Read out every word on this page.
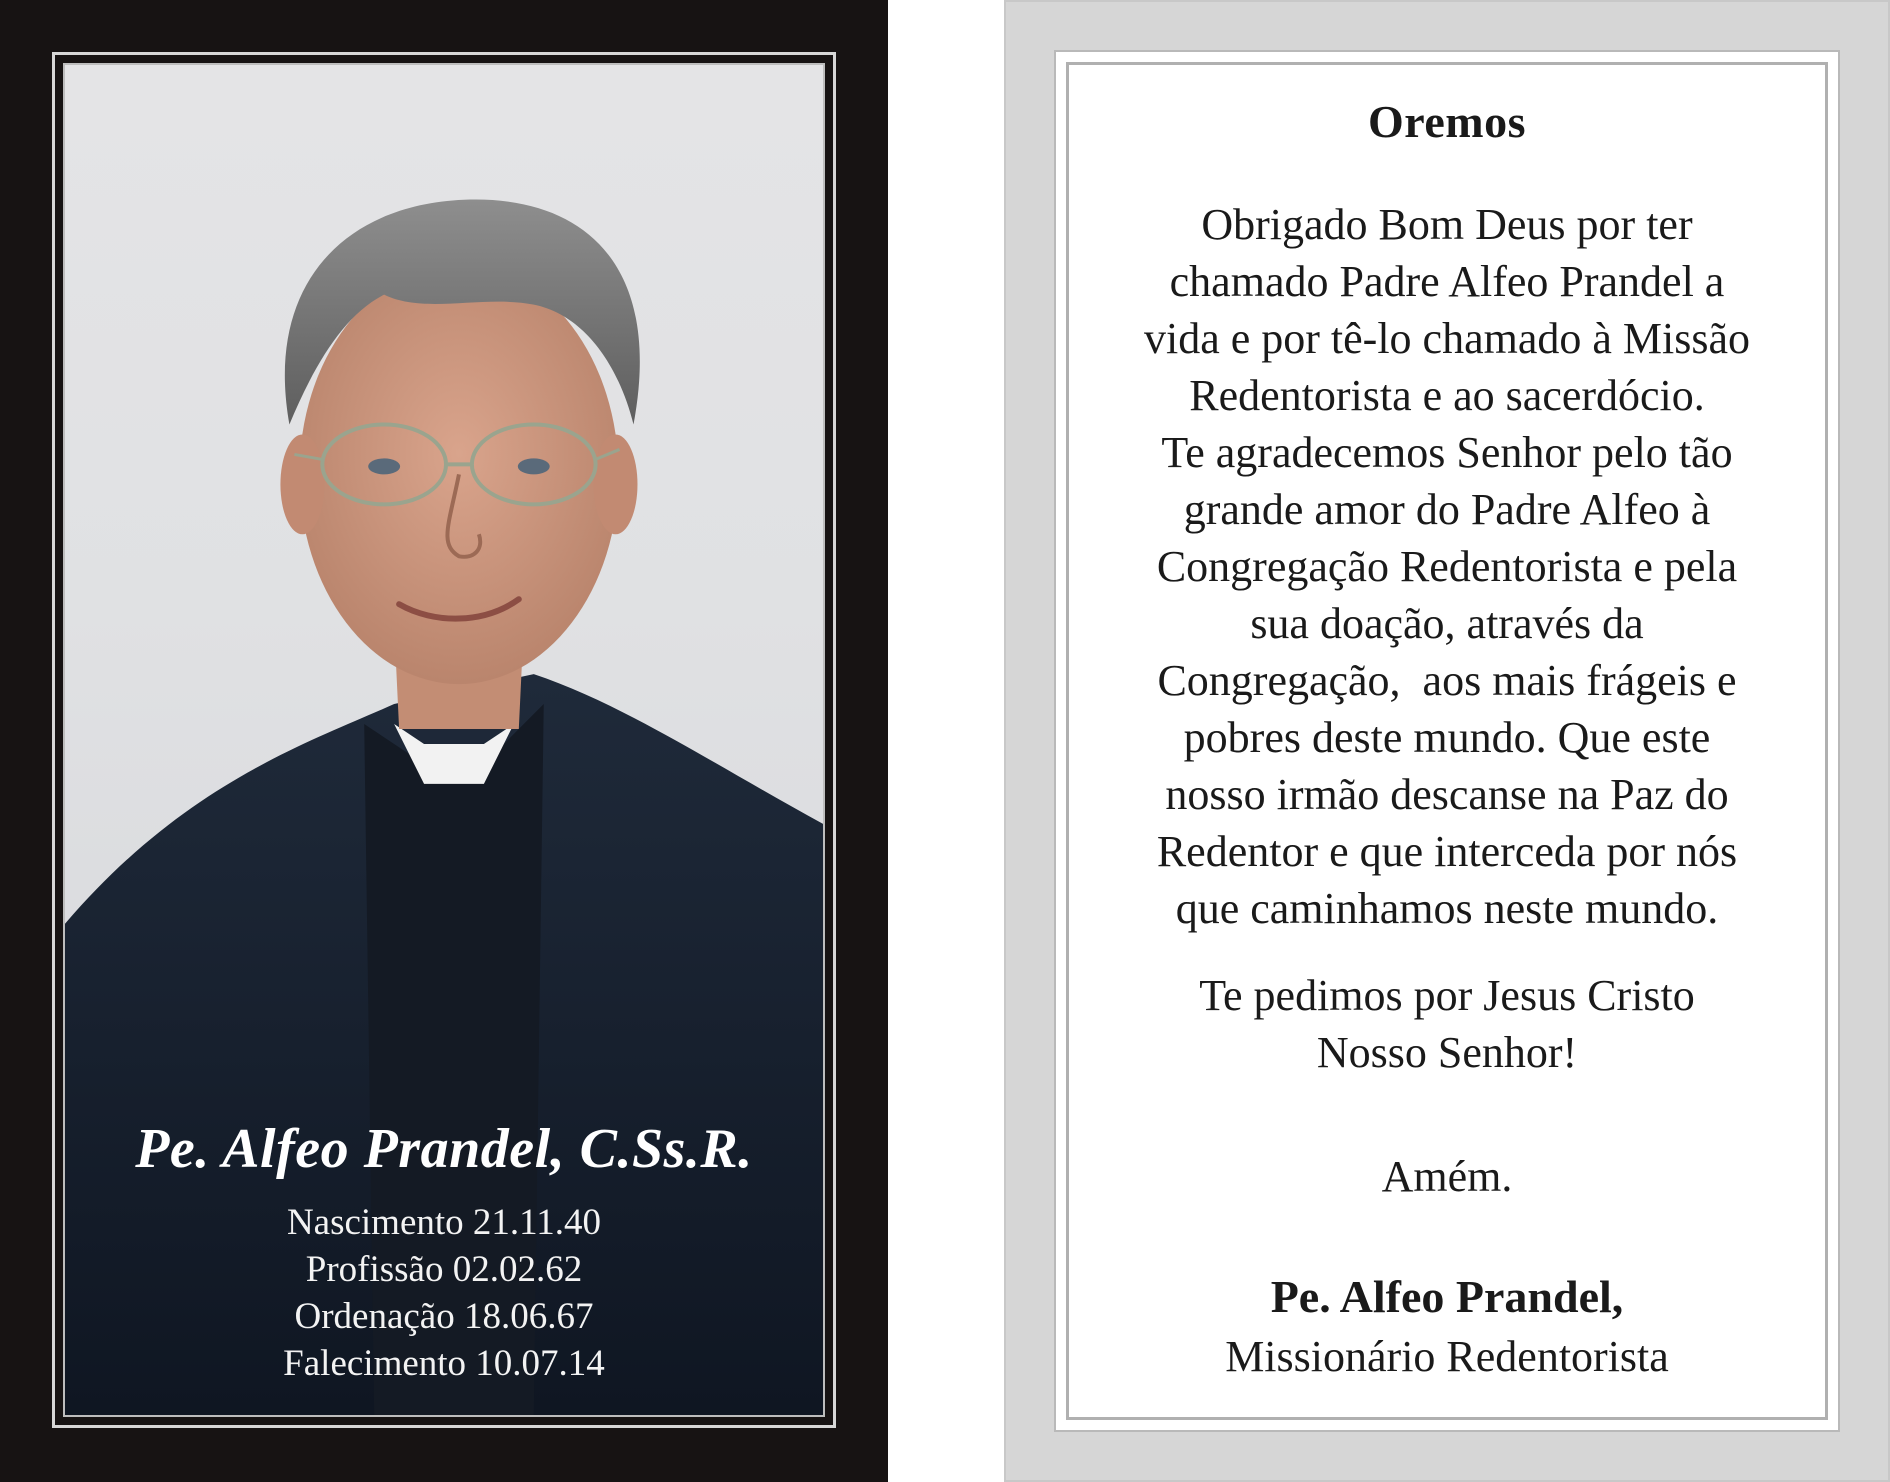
Pe. Alfeo Prandel, C.Ss.R.
Nascimento 21.11.40
Profissão 02.02.62
Ordenação 18.06.67
Falecimento 10.07.14
Oremos
Obrigado Bom Deus por ter
chamado Padre Alfeo Prandel a
vida e por tê-lo chamado à Missão
Redentorista e ao sacerdócio.
Te agradecemos Senhor pelo tão
grande amor do Padre Alfeo à
Congregação Redentorista e pela
sua doação, através da
Congregação,  aos mais frágeis e
pobres deste mundo. Que este
nosso irmão descanse na Paz do
Redentor e que interceda por nós
que caminhamos neste mundo.
Te pedimos por Jesus Cristo
Nosso Senhor!
Amém.
Pe. Alfeo Prandel,
Missionário Redentorista
